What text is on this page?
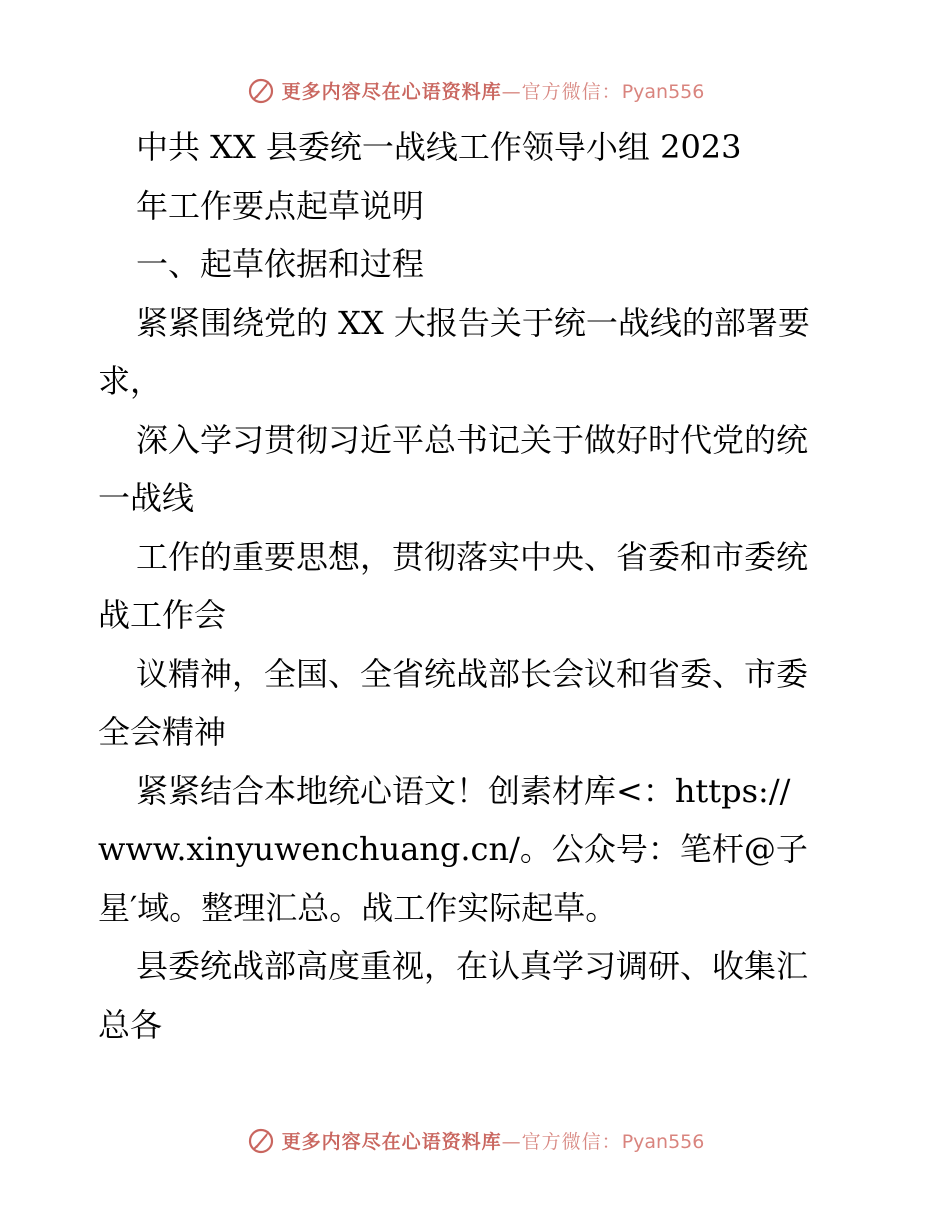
更多内容尽在心语资料库—官方微信：Pyan556
中共 XX 县委统一战线工作领导小组 2023
年工作要点起草说明
一、起草依据和过程
紧紧围绕党的 XX 大报告关于统一战线的部署要
求，
深入学习贯彻习近平总书记关于做好时代党的统
一战线
工作的重要思想，贯彻落实中央、省委和市委统
战工作会
议精神，全国、全省统战部长会议和省委、市委
全会精神
紧紧结合本地统心语文！创素材库<：https://
www.xinyuwenchuang.cn/。公众号：笔杆@子
星′域。整理汇总。战工作实际起草。
县委统战部高度重视，在认真学习调研、收集汇
总各
更多内容尽在心语资料库—官方微信：Pyan556
